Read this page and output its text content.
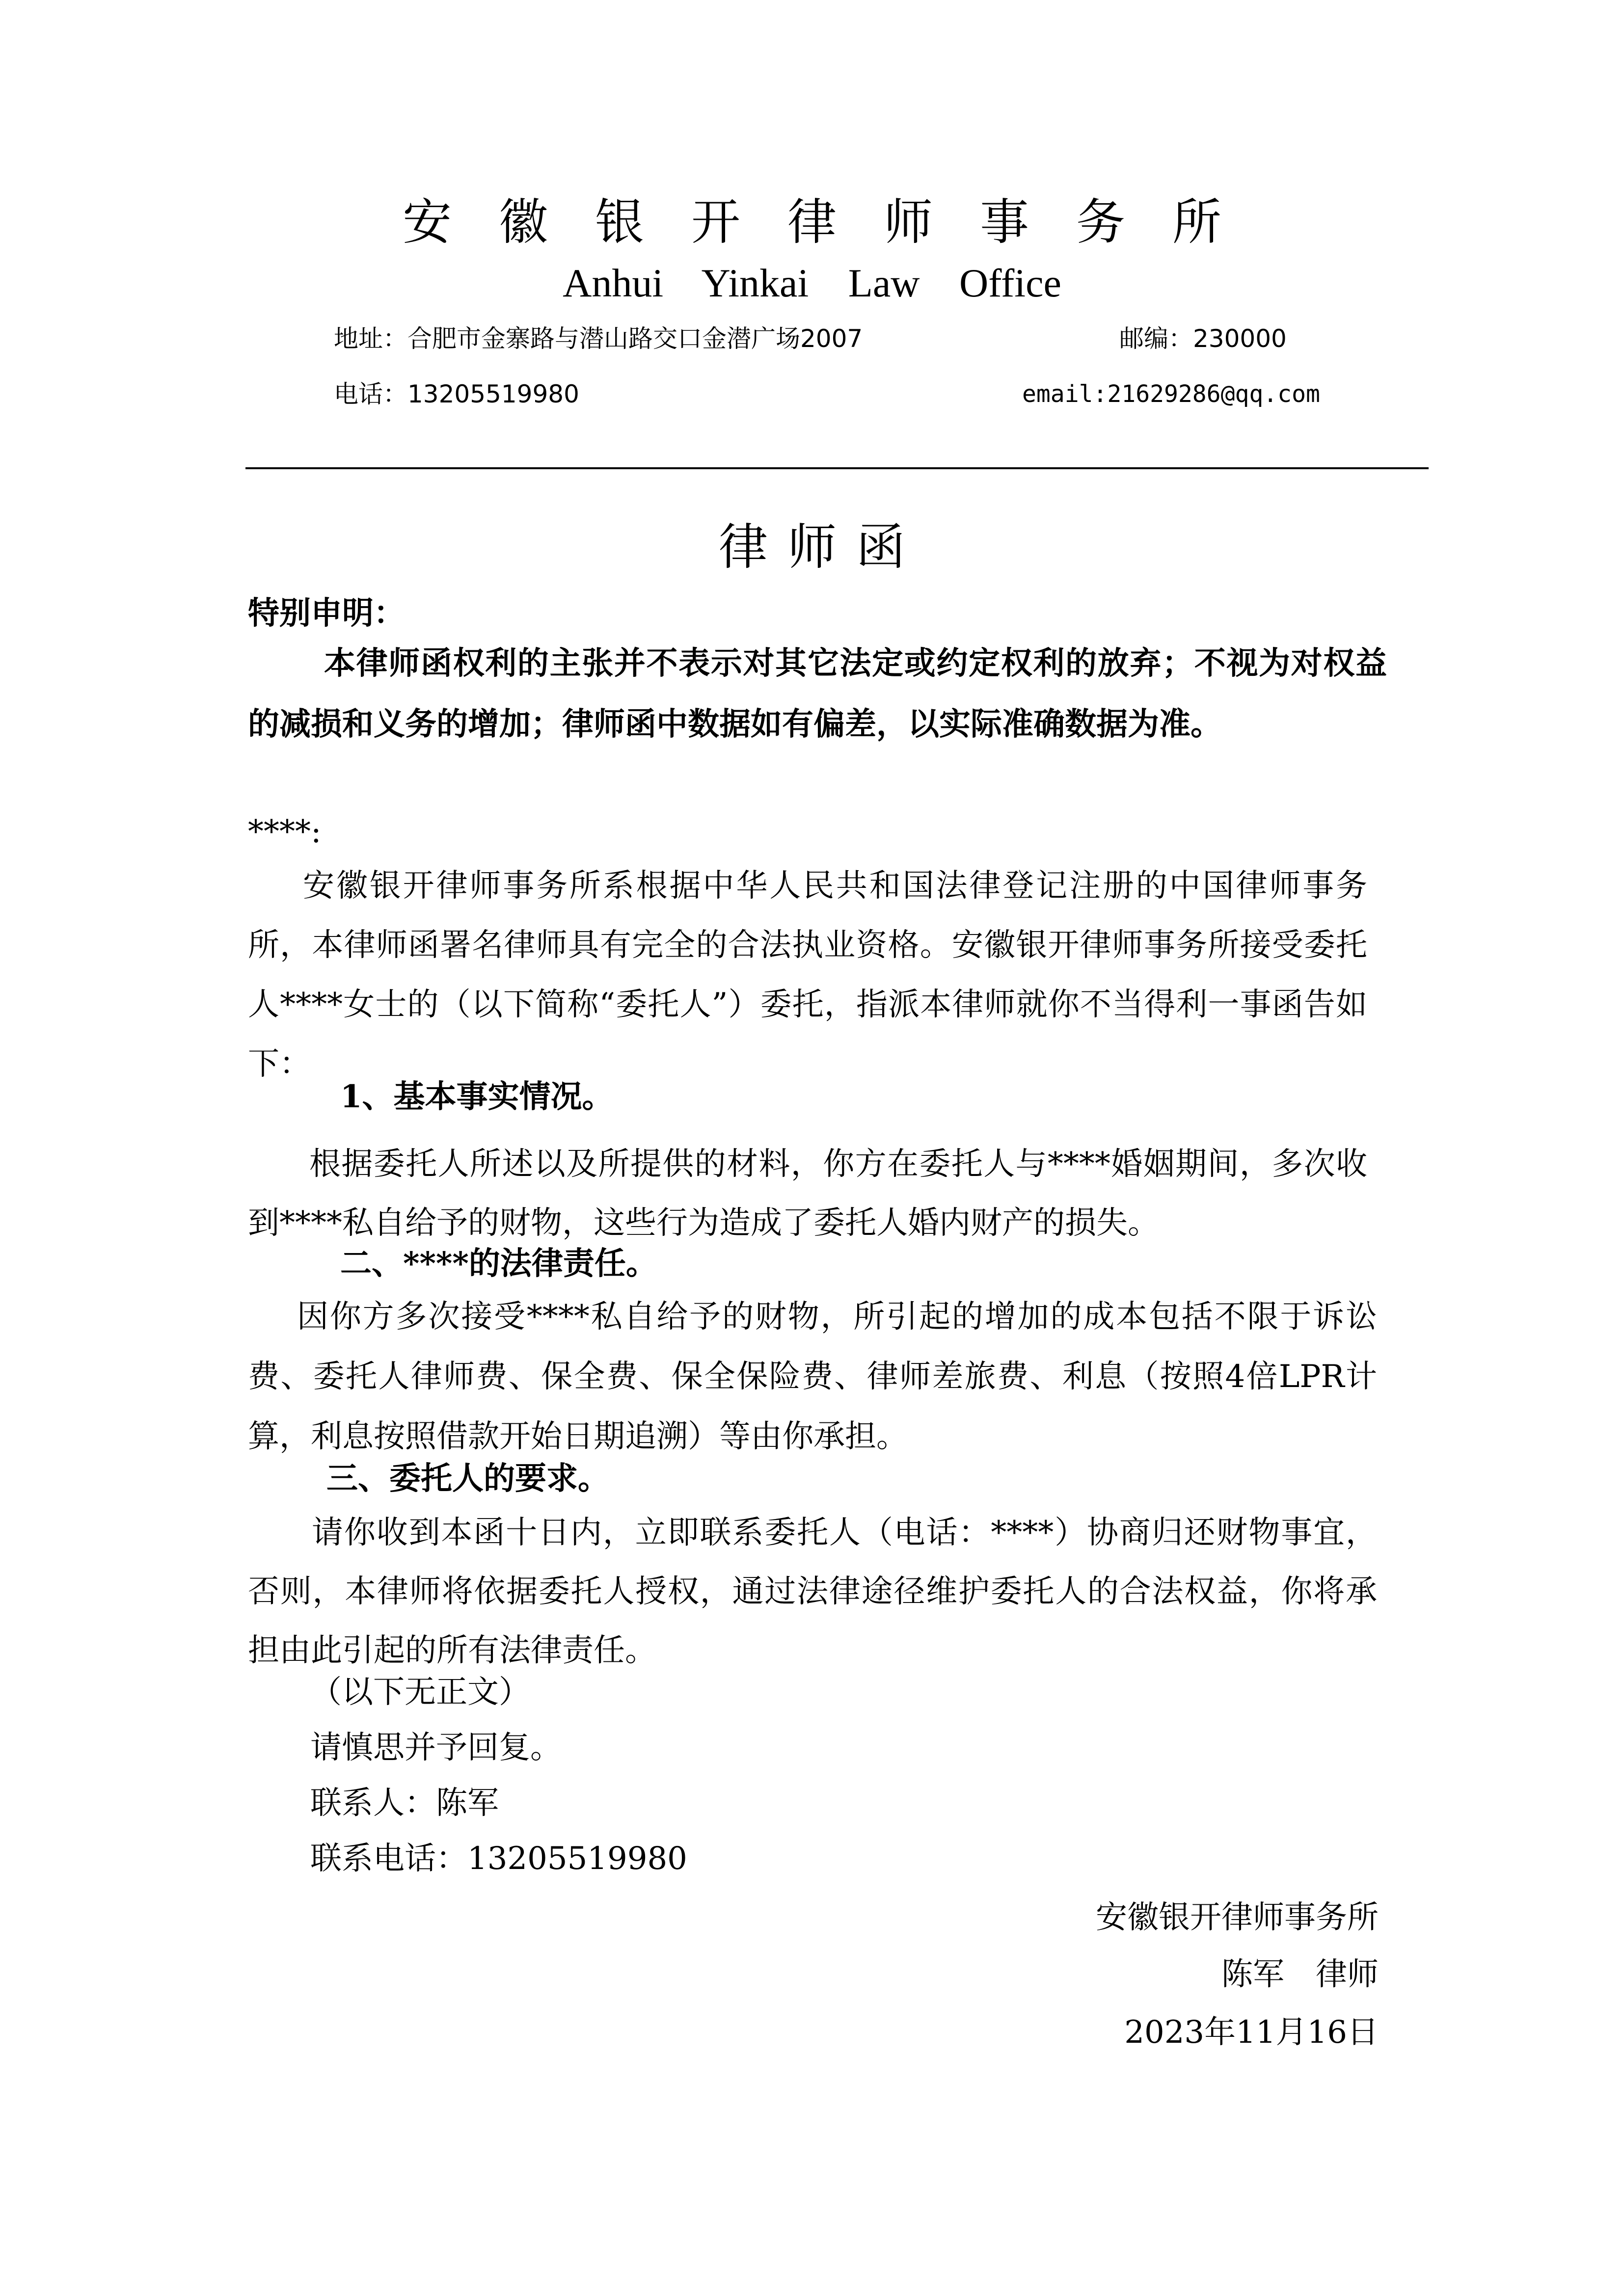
安徽银开律师事务所
Anhui Yinkai Law Office
地址：合肥市金寨路与潜山路交口金潜广场2007	邮编：230000
电话：13205519980	email:21629286@qq.com
律师函
特别申明：
本律师函权利的主张并不表示对其它法定或约定权利的放弃；不视为对权益的减损和义务的增加；律师函中数据如有偏差，以实际准确数据为准。
****:
安徽银开律师事务所系根据中华人民共和国法律登记注册的中国律师事务所，本律师函署名律师具有完全的合法执业资格。安徽银开律师事务所接受委托人****女士的（以下简称“委托人”）委托，指派本律师就你不当得利一事函告如下：
1、基本事实情况。
根据委托人所述以及所提供的材料，你方在委托人与****婚姻期间，多次收到****私自给予的财物，这些行为造成了委托人婚内财产的损失。
二、****的法律责任。
因你方多次接受****私自给予的财物，所引起的增加的成本包括不限于诉讼费、委托人律师费、保全费、保全保险费、律师差旅费、利息（按照4倍LPR计算，利息按照借款开始日期追溯）等由你承担。
三、委托人的要求。
请你收到本函十日内，立即联系委托人（电话：****）协商归还财物事宜，否则，本律师将依据委托人授权，通过法律途径维护委托人的合法权益，你将承担由此引起的所有法律责任。
（以下无正文）
请慎思并予回复。
联系人：陈军
联系电话：13205519980
安徽银开律师事务所
陈军　律师
2023年11月16日
